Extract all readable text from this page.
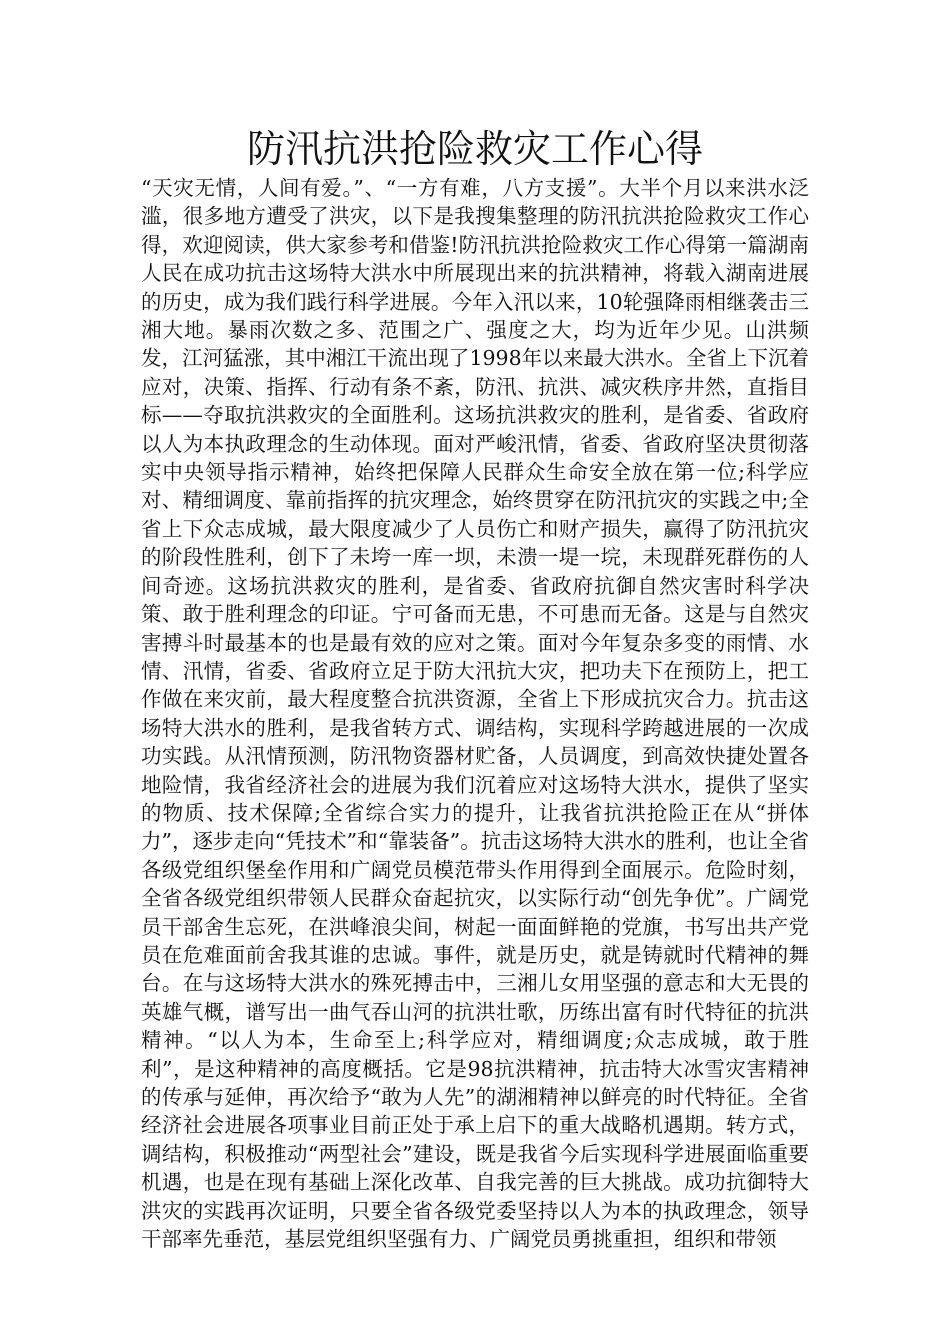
防汛抗洪抢险救灾工作心得

“天灾无情，人间有爱。”、“一方有难，八方支援”。大半个月以来洪水泛滥，很多地方遭受了洪灾，以下是我搜集整理的防汛抗洪抢险救灾工作心得，欢迎阅读，供大家参考和借鉴!防汛抗洪抢险救灾工作心得第一篇湖南人民在成功抗击这场特大洪水中所展现出来的抗洪精神，将载入湖南进展的历史，成为我们践行科学进展。今年入汛以来，10轮强降雨相继袭击三湘大地。暴雨次数之多、范围之广、强度之大，均为近年少见。山洪频发，江河猛涨，其中湘江干流出现了1998年以来最大洪水。全省上下沉着应对，决策、指挥、行动有条不紊，防汛、抗洪、减灾秩序井然，直指目标——夺取抗洪救灾的全面胜利。这场抗洪救灾的胜利，是省委、省政府以人为本执政理念的生动体现。面对严峻汛情，省委、省政府坚决贯彻落实中央领导指示精神，始终把保障人民群众生命安全放在第一位;科学应对、精细调度、靠前指挥的抗灾理念，始终贯穿在防汛抗灾的实践之中;全省上下众志成城，最大限度减少了人员伤亡和财产损失，赢得了防汛抗灾的阶段性胜利，创下了未垮一库一坝，未溃一堤一垸，未现群死群伤的人间奇迹。这场抗洪救灾的胜利，是省委、省政府抗御自然灾害时科学决策、敢于胜利理念的印证。宁可备而无患，不可患而无备。这是与自然灾害搏斗时最基本的也是最有效的应对之策。面对今年复杂多变的雨情、水情、汛情，省委、省政府立足于防大汛抗大灾，把功夫下在预防上，把工作做在来灾前，最大程度整合抗洪资源，全省上下形成抗灾合力。抗击这场特大洪水的胜利，是我省转方式、调结构，实现科学跨越进展的一次成功实践。从汛情预测，防汛物资器材贮备，人员调度，到高效快捷处置各地险情，我省经济社会的进展为我们沉着应对这场特大洪水，提供了坚实的物质、技术保障;全省综合实力的提升，让我省抗洪抢险正在从“拼体力”，逐步走向“凭技术”和“靠装备”。抗击这场特大洪水的胜利，也让全省各级党组织堡垒作用和广阔党员模范带头作用得到全面展示。危险时刻，全省各级党组织带领人民群众奋起抗灾，以实际行动“创先争优”。广阔党员干部舍生忘死，在洪峰浪尖间，树起一面面鲜艳的党旗，书写出共产党员在危难面前舍我其谁的忠诚。事件，就是历史，就是铸就时代精神的舞台。在与这场特大洪水的殊死搏击中，三湘儿女用坚强的意志和大无畏的英雄气概，谱写出一曲气吞山河的抗洪壮歌，历练出富有时代特征的抗洪精神。“以人为本，生命至上;科学应对，精细调度;众志成城，敢于胜利”，是这种精神的高度概括。它是98抗洪精神，抗击特大冰雪灾害精神的传承与延伸，再次给予“敢为人先”的湖湘精神以鲜亮的时代特征。全省经济社会进展各项事业目前正处于承上启下的重大战略机遇期。转方式，调结构，积极推动“两型社会”建设，既是我省今后实现科学进展面临重要机遇，也是在现有基础上深化改革、自我完善的巨大挑战。成功抗御特大洪灾的实践再次证明，只要全省各级党委坚持以人为本的执政理念，领导干部率先垂范，基层党组织坚强有力、广阔党员勇挑重担，组织和带领
